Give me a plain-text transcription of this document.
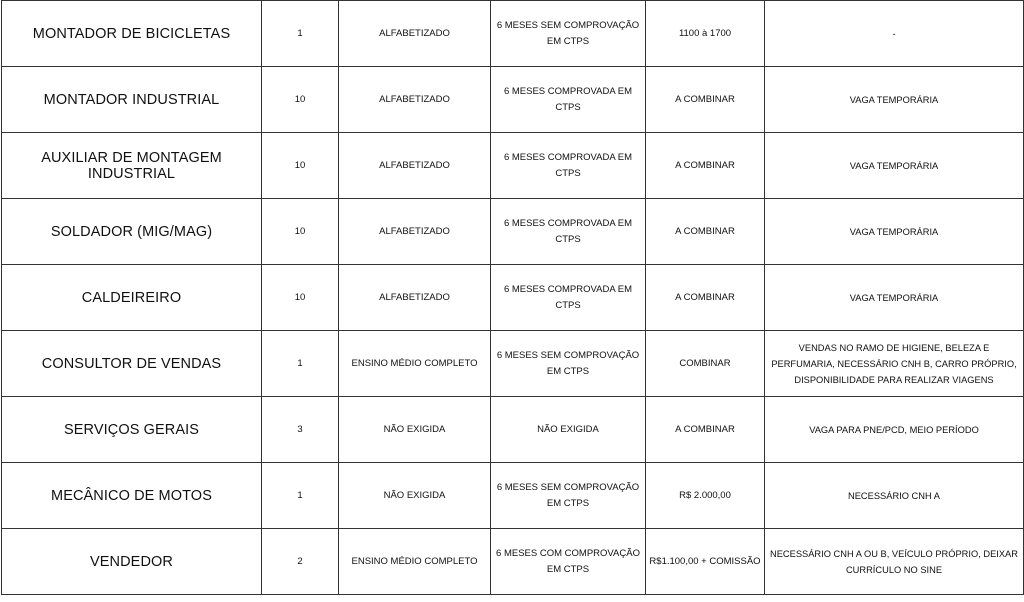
MONTADOR DE BICICLETAS	1	ALFABETIZADO	6 MESES SEM COMPROVAÇÃO EM CTPS	1100 à 1700	-
MONTADOR INDUSTRIAL	10	ALFABETIZADO	6 MESES COMPROVADA EM CTPS	A COMBINAR	VAGA TEMPORÁRIA
AUXILIAR DE MONTAGEM INDUSTRIAL	10	ALFABETIZADO	6 MESES COMPROVADA EM CTPS	A COMBINAR	VAGA TEMPORÁRIA
SOLDADOR (MIG/MAG)	10	ALFABETIZADO	6 MESES COMPROVADA EM CTPS	A COMBINAR	VAGA TEMPORÁRIA
CALDEIREIRO	10	ALFABETIZADO	6 MESES COMPROVADA EM CTPS	A COMBINAR	VAGA TEMPORÁRIA
CONSULTOR DE VENDAS	1	ENSINO MÉDIO COMPLETO	6 MESES SEM COMPROVAÇÃO EM CTPS	COMBINAR	VENDAS NO RAMO DE HIGIENE, BELEZA E PERFUMARIA, NECESSÁRIO CNH B, CARRO PRÓPRIO, DISPONIBILIDADE PARA REALIZAR VIAGENS
SERVIÇOS GERAIS	3	NÃO EXIGIDA	NÃO EXIGIDA	A COMBINAR	VAGA PARA PNE/PCD, MEIO PERÍODO
MECÂNICO DE MOTOS	1	NÃO EXIGIDA	6 MESES SEM COMPROVAÇÃO EM CTPS	R$ 2.000,00	NECESSÁRIO CNH A
VENDEDOR	2	ENSINO MÉDIO COMPLETO	6 MESES COM COMPROVAÇÃO EM CTPS	R$1.100,00 + COMISSÃO	NECESSÁRIO CNH A OU B, VEÍCULO PRÓPRIO, DEIXAR CURRÍCULO NO SINE
